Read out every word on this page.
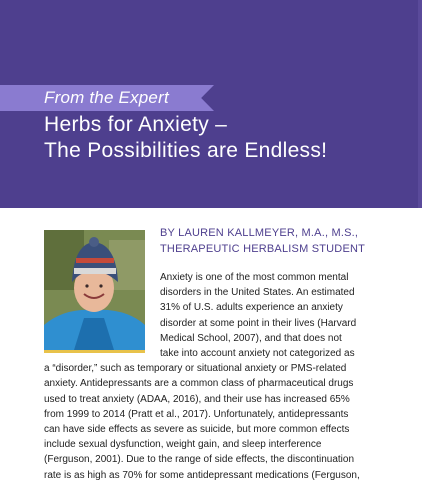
From the Expert
Herbs for Anxiety –
The Possibilities are Endless!
BY LAUREN KALLMEYER, M.A., M.S.,
THERAPEUTIC HERBALISM STUDENT

Anxiety is one of the most common mental
disorders in the United States. An estimated
31% of U.S. adults experience an anxiety
disorder at some point in their lives (Harvard
Medical School, 2007), and that does not
take into account anxiety not categorized as
a “disorder,” such as temporary or situational anxiety or PMS-related
anxiety. Antidepressants are a common class of pharmaceutical drugs
used to treat anxiety (ADAA, 2016), and their use has increased 65%
from 1999 to 2014 (Pratt et al., 2017). Unfortunately, antidepressants
can have side effects as severe as suicide, but more common effects
include sexual dysfunction, weight gain, and sleep interference
(Ferguson, 2001). Due to the range of side effects, the discontinuation
rate is as high as 70% for some antidepressant medications (Ferguson,
